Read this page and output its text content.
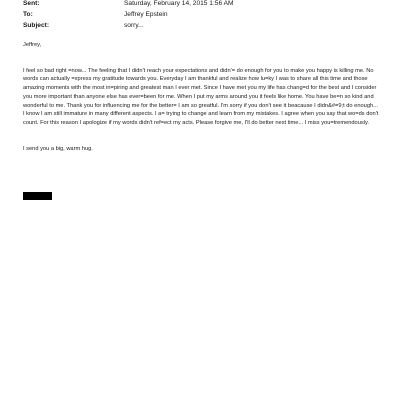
Sent:	Saturday, February 14, 2015 1:56 AM
To:	Jeffrey Epstein
Subject:	sorry...

Jeffrey,

I feel so bad right =now... The feeling that I didn't reach your expectations and didn'= do enough for you to make you happy is killing me. No words can actually =xpress my gratitude towards you. Everyday I am thankful and realize how lu=ky I was to share all this time and those amazing moments with the most in=piring and greatest man I ever met. Since I have met you my life has chang=d for the best and I consider you more important than anyone else has ever=been for me. When I put my arms around you it feels like home. You have be=n so kind and wonderful to me. Thank you for influencing me for the better= I am so greatful. I'm sorry if you don't see it beacause I didn&#=9;t do enough... I know I am still immature in many different aspects. I a= trying to change and learn from my mistakes. I agree when you say that wo=ds don't count. For this reason I apologize if my words didn't ref=ect my acts. Please forgive me, I'll do better next time... I miss you=tremendously.

I send you a big, warm hug.
